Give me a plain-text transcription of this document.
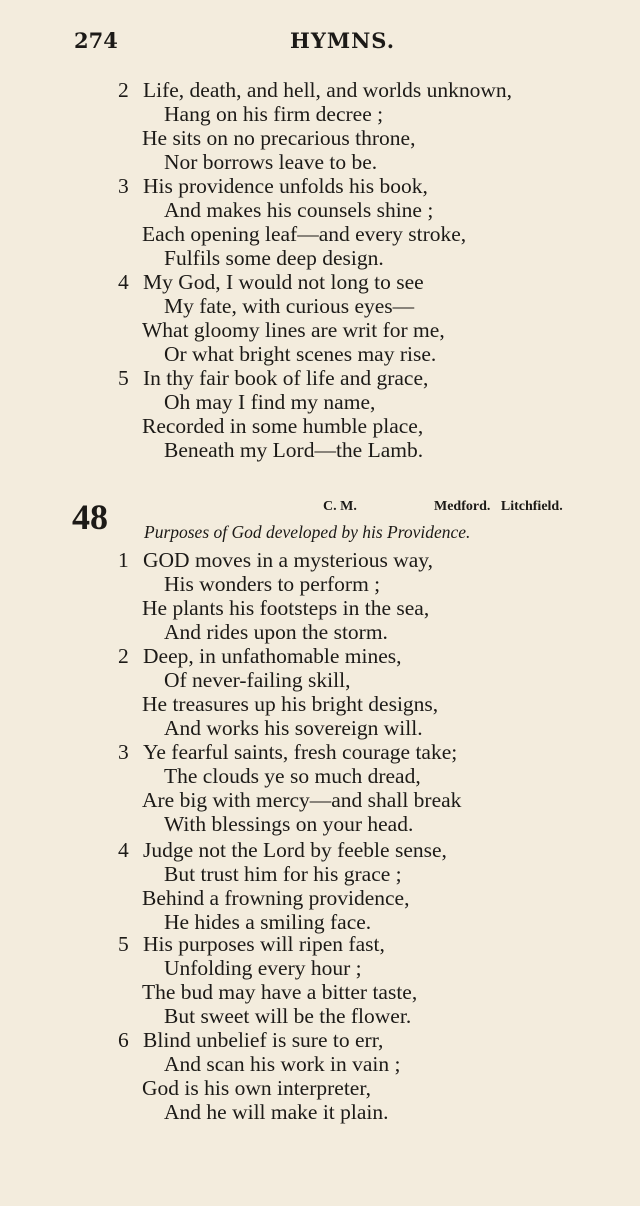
274	HYMNS.
2 Life, death, and hell, and worlds unknown,
Hang on his firm decree ;
He sits on no precarious throne,
Nor borrows leave to be.
3 His providence unfolds his book,
And makes his counsels shine ;
Each opening leaf—and every stroke,
Fulfils some deep design.
4 My God, I would not long to see
My fate, with curious eyes—
What gloomy lines are writ for me,
Or what bright scenes may rise.
5 In thy fair book of life and grace,
Oh may I find my name,
Recorded in some humble place,
Beneath my Lord—the Lamb.
48	C. M.	Medford.   Litchfield.
Purposes of God developed by his Providence.
1 GOD moves in a mysterious way,
His wonders to perform ;
He plants his footsteps in the sea,
And rides upon the storm.
2 Deep, in unfathomable mines,
Of never-failing skill,
He treasures up his bright designs,
And works his sovereign will.
3 Ye fearful saints, fresh courage take;
The clouds ye so much dread,
Are big with mercy—and shall break
With blessings on your head.
4 Judge not the Lord by feeble sense,
But trust him for his grace ;
Behind a frowning providence,
He hides a smiling face.
5 His purposes will ripen fast,
Unfolding every hour ;
The bud may have a bitter taste,
But sweet will be the flower.
6 Blind unbelief is sure to err,
And scan his work in vain ;
God is his own interpreter,
And he will make it plain.
